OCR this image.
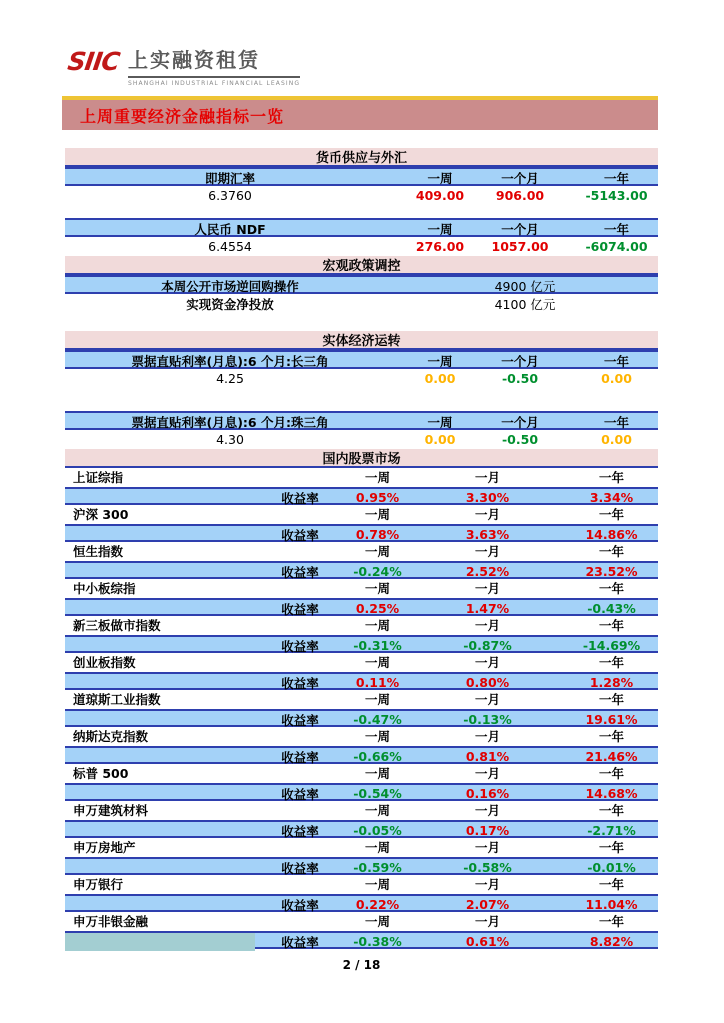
SIIC 上实融资租赁
SHANGHAI INDUSTRIAL FINANCIAL LEASING
上周重要经济金融指标一览
货币供应与外汇
即期汇率	一周	一个月	一年
6.3760	409.00	906.00	-5143.00
人民币 NDF	一周	一个月	一年
6.4554	276.00	1057.00	-6074.00
宏观政策调控
本周公开市场逆回购操作	4900 亿元
实现资金净投放	4100 亿元
实体经济运转
票据直贴利率(月息):6 个月:长三角	一周	一个月	一年
4.25	0.00	-0.50	0.00
票据直贴利率(月息):6 个月:珠三角	一周	一个月	一年
4.30	0.00	-0.50	0.00
国内股票市场
上证综指	一周	一月	一年
收益率	0.95%	3.30%	3.34%
沪深 300	一周	一月	一年
收益率	0.78%	3.63%	14.86%
恒生指数	一周	一月	一年
收益率	-0.24%	2.52%	23.52%
中小板综指	一周	一月	一年
收益率	0.25%	1.47%	-0.43%
新三板做市指数	一周	一月	一年
收益率	-0.31%	-0.87%	-14.69%
创业板指数	一周	一月	一年
收益率	0.11%	0.80%	1.28%
道琼斯工业指数	一周	一月	一年
收益率	-0.47%	-0.13%	19.61%
纳斯达克指数	一周	一月	一年
收益率	-0.66%	0.81%	21.46%
标普 500	一周	一月	一年
收益率	-0.54%	0.16%	14.68%
申万建筑材料	一周	一月	一年
收益率	-0.05%	0.17%	-2.71%
申万房地产	一周	一月	一年
收益率	-0.59%	-0.58%	-0.01%
申万银行	一周	一月	一年
收益率	0.22%	2.07%	11.04%
申万非银金融	一周	一月	一年
收益率	-0.38%	0.61%	8.82%
2 / 18
